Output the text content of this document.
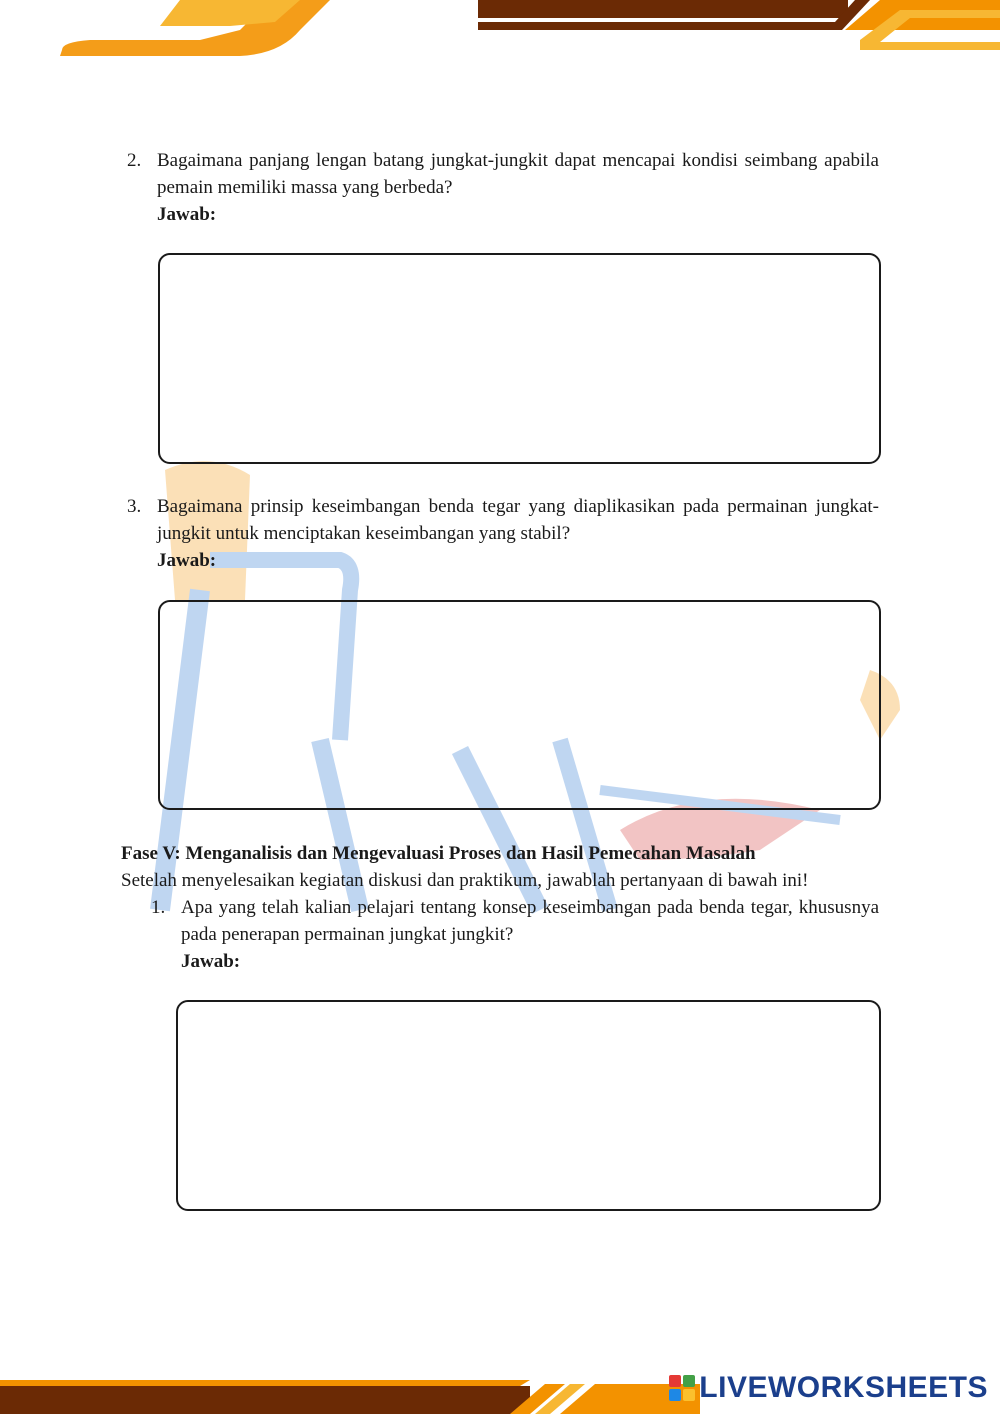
2. Bagaimana panjang lengan batang jungkat-jungkit dapat mencapai kondisi seimbang apabila pemain memiliki massa yang berbeda?
Jawab:
3. Bagaimana prinsip keseimbangan benda tegar yang diaplikasikan pada permainan jungkat-jungkit untuk menciptakan keseimbangan yang stabil?
Jawab:
Fase V: Menganalisis dan Mengevaluasi Proses dan Hasil Pemecahan Masalah
Setelah menyelesaikan kegiatan diskusi dan praktikum, jawablah pertanyaan di bawah ini!
1. Apa yang telah kalian pelajari tentang konsep keseimbangan pada benda tegar, khususnya pada penerapan permainan jungkat jungkit?
Jawab:
LIVEWORKSHEETS
